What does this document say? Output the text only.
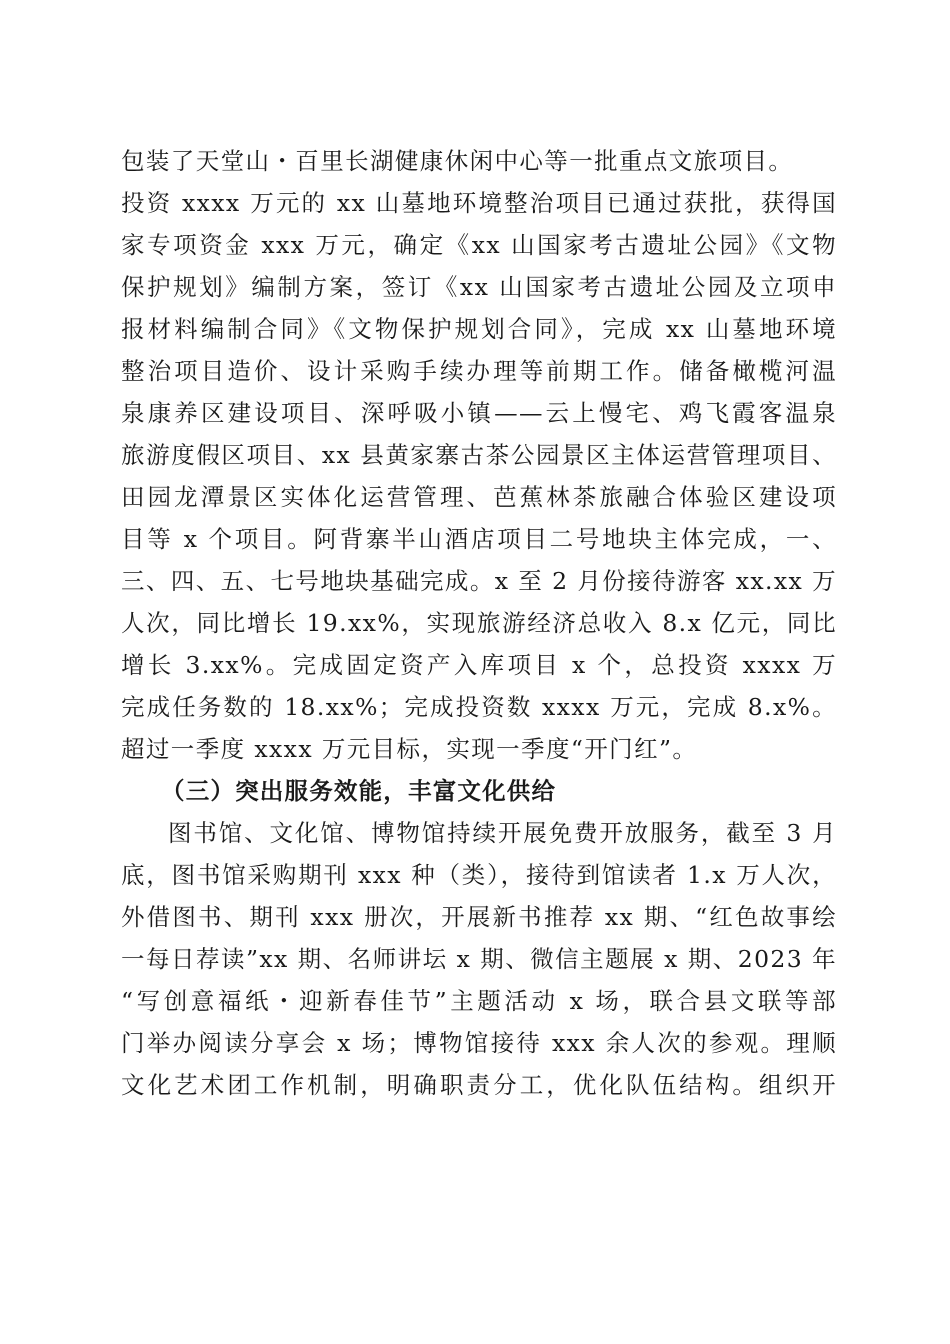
包装了天堂山・百里长湖健康休闲中心等一批重点文旅项目。
投资 xxxx 万元的 xx 山墓地环境整治项目已通过获批，获得国
家专项资金 xxx 万元，确定《xx 山国家考古遗址公园》《文物
保护规划》编制方案，签订《xx 山国家考古遗址公园及立项申
报材料编制合同》《文物保护规划合同》，完成 xx 山墓地环境
整治项目造价、设计采购手续办理等前期工作。储备橄榄河温
泉康养区建设项目、深呼吸小镇——云上慢宅、鸡飞霞客温泉
旅游度假区项目、xx 县黄家寨古茶公园景区主体运营管理项目、
田园龙潭景区实体化运营管理、芭蕉林茶旅融合体验区建设项
目等 x 个项目。阿背寨半山酒店项目二号地块主体完成，一、
三、四、五、七号地块基础完成。x 至 2 月份接待游客 xx.xx 万
人次，同比增长 19.xx%，实现旅游经济总收入 8.x 亿元，同比
增长 3.xx%。完成固定资产入库项目 x 个，总投资 xxxx 万
完成任务数的 18.xx%；完成投资数 xxxx 万元，完成 8.x%。
超过一季度 xxxx 万元目标，实现一季度“开门红”。
（三）突出服务效能，丰富文化供给
图书馆、文化馆、博物馆持续开展免费开放服务，截至 3 月
底，图书馆采购期刊 xxx 种（类），接待到馆读者 1.x 万人次，
外借图书、期刊 xxx 册次，开展新书推荐 xx 期、“红色故事绘
一每日荐读”xx 期、名师讲坛 x 期、微信主题展 x 期、2023 年
“写创意福纸・迎新春佳节”主题活动 x 场，联合县文联等部
门举办阅读分享会 x 场；博物馆接待 xxx 余人次的参观。理顺
文化艺术团工作机制，明确职责分工，优化队伍结构。组织开
